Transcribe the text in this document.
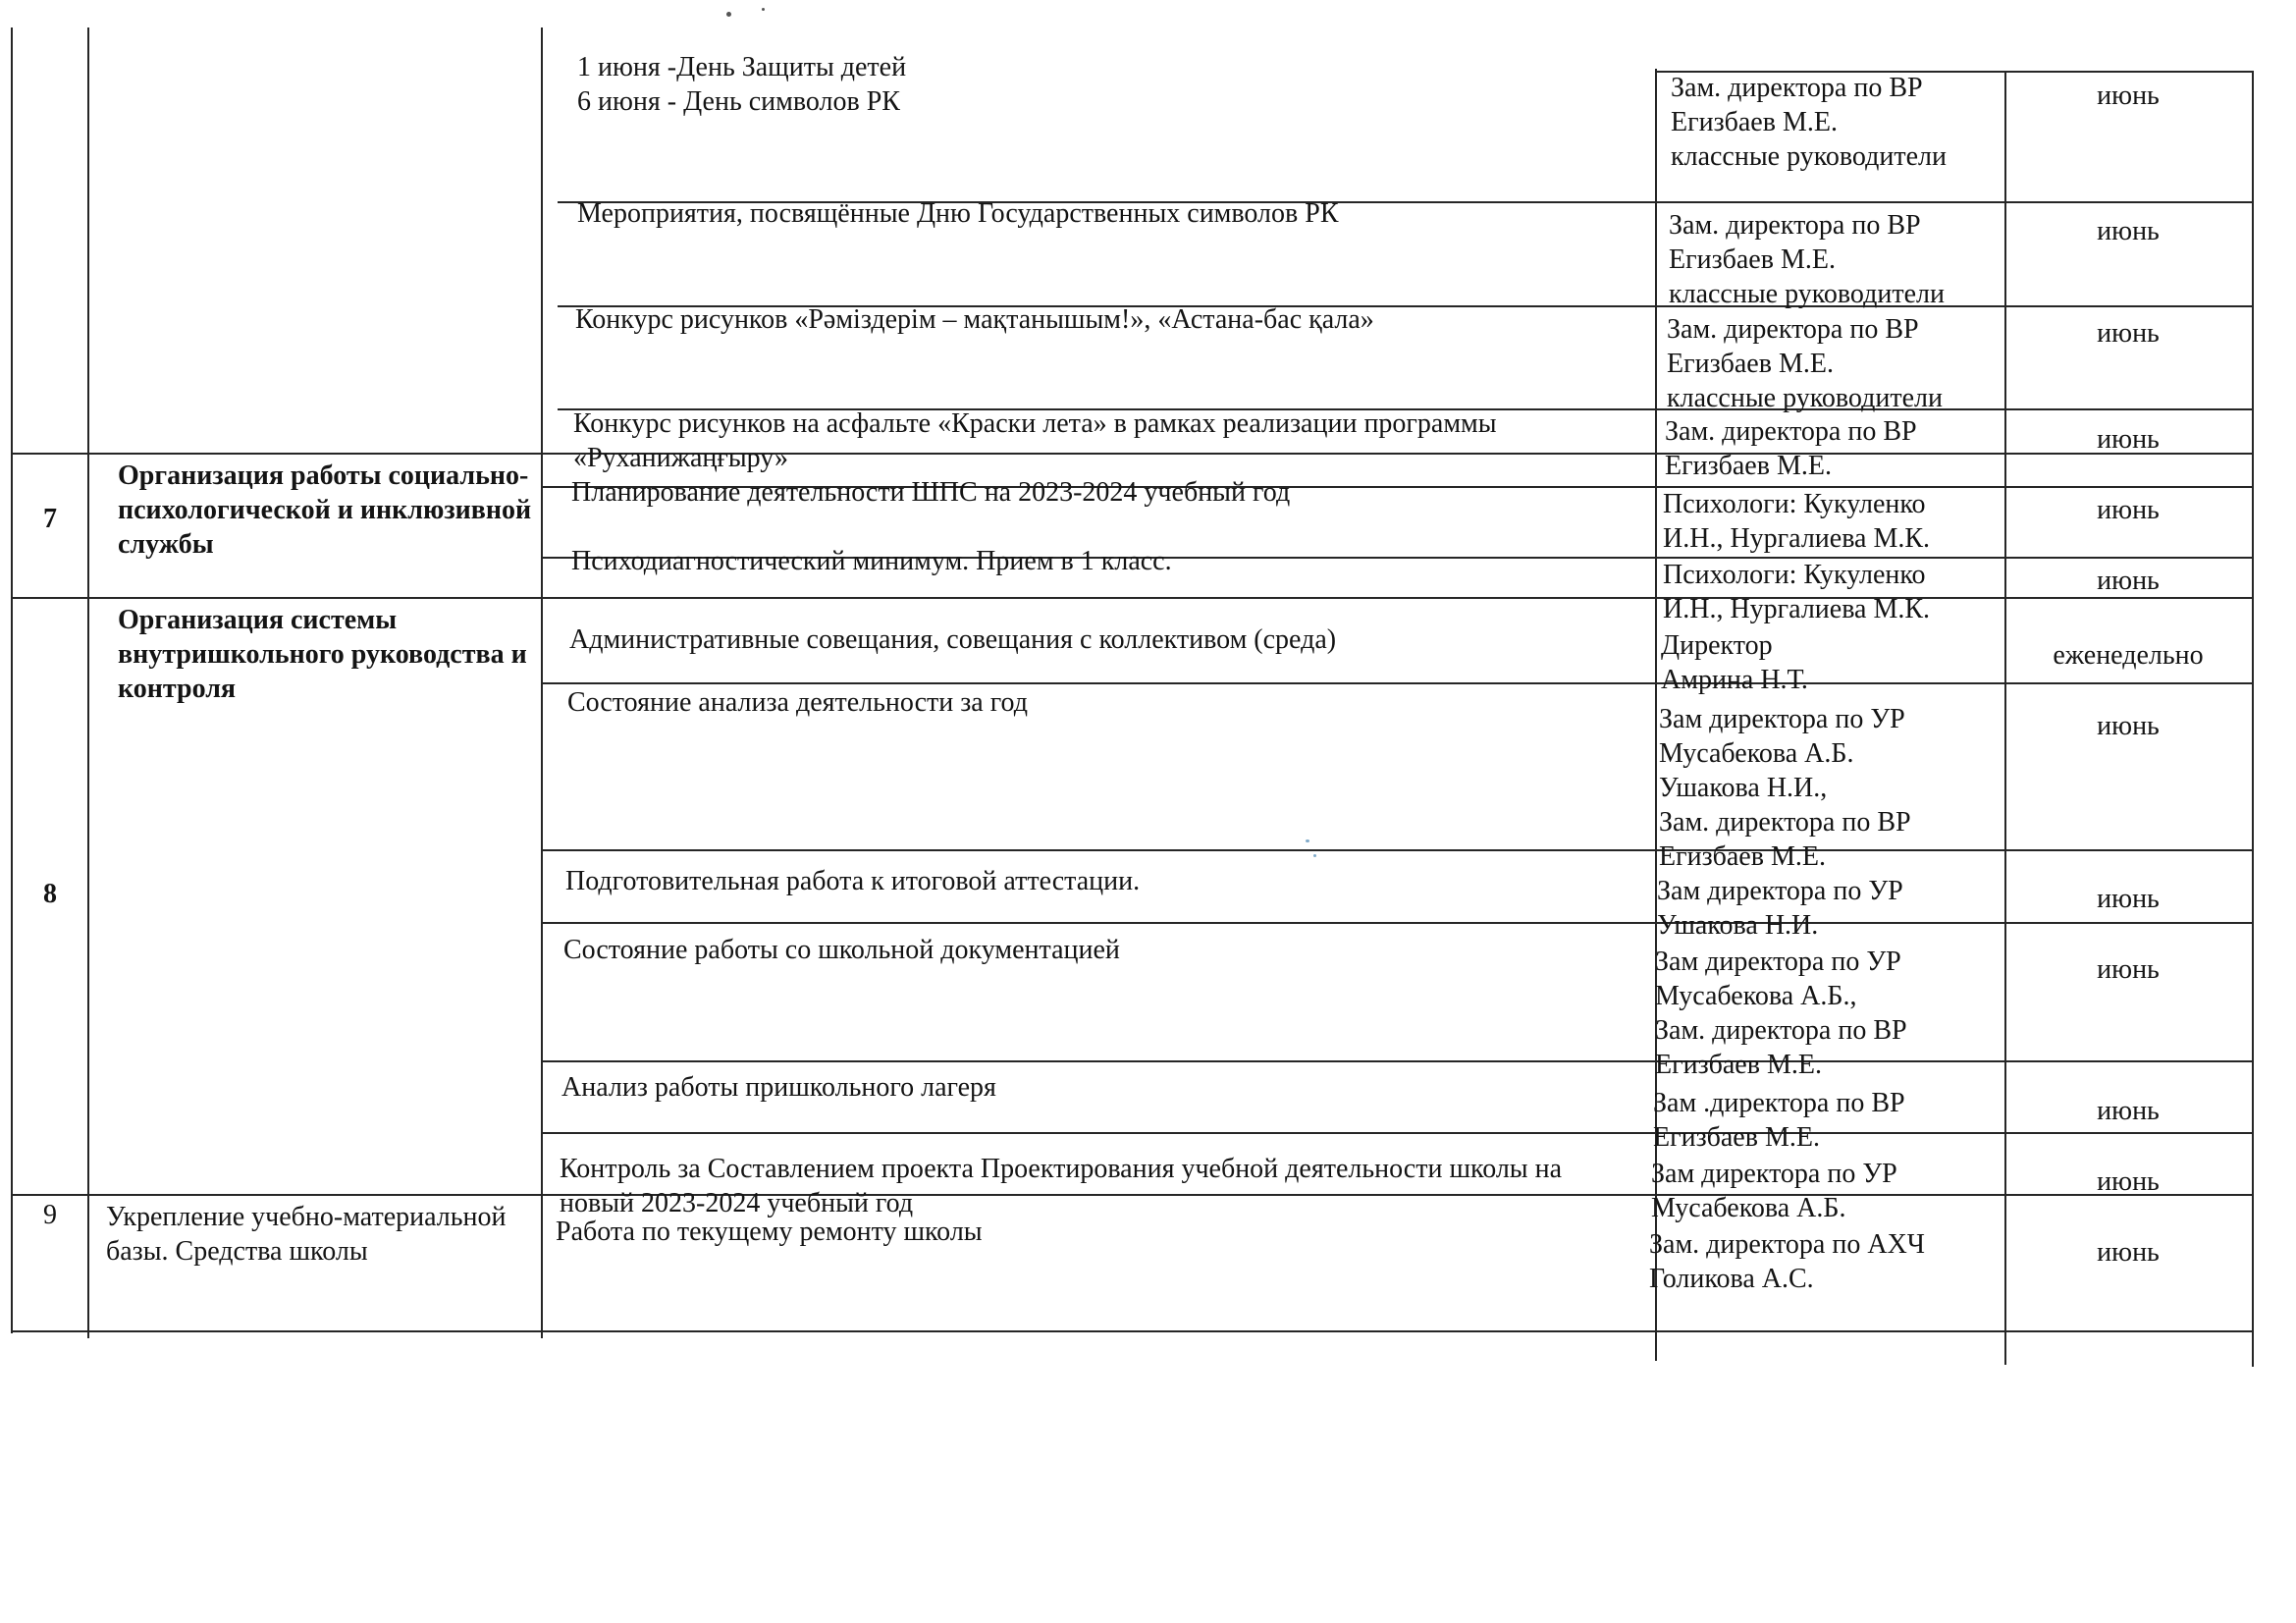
7
Организация работы социально-психологической и инклюзивной службы
8
Организация системы внутришкольного руководства и контроля
9	Укрепление учебно-материальной базы. Средства школы
1 июня -День Защиты детей
6 июня - День символов РК
Мероприятия, посвящённые Дню Государственных символов РК
Конкурс рисунков «Рәміздерім – мақтанышым!», «Астана-бас қала»
Конкурс рисунков на асфальте «Краски лета» в рамках реализации программы «Руханижаңғыру»
Планирование деятельности ШПС на 2023-2024 учебный год
Психодиагностический минимум. Прием в 1 класс.
Административные совещания, совещания с коллективом (среда)
Состояние анализа деятельности за год
Подготовительная работа к итоговой аттестации.
Состояние работы со школьной документацией
Анализ работы пришкольного лагеря
Контроль за Составлением проекта Проектирования учебной деятельности школы на новый 2023-2024 учебный год
Работа по текущему ремонту школы
Зам. директора по ВР
Егизбаев М.Е.
классные руководители
Зам. директора по ВР
Егизбаев М.Е.
классные руководители
Зам. директора по ВР
Егизбаев М.Е.
классные руководители
Зам. директора по ВР
Егизбаев М.Е.
Психологи: Кукуленко
И.Н., Нургалиева М.К.
Психологи: Кукуленко
И.Н., Нургалиева М.К.
Директор
Амрина Н.Т.
Зам директора по УР
Мусабекова А.Б.
Ушакова Н.И.,
Зам. директора по ВР
Егизбаев М.Е.
Зам директора по УР
Ушакова Н.И.
Зам директора по УР
Мусабекова А.Б.,
Зам. директора по ВР
Егизбаев М.Е.
Зам .директора по ВР
Егизбаев М.Е.
Зам директора по УР
Мусабекова А.Б.
Зам. директора по АХЧ
Голикова А.С.
июнь
июнь
июнь
июнь
июнь
июнь
еженедельно
июнь
июнь
июнь
июнь
июнь
июнь
